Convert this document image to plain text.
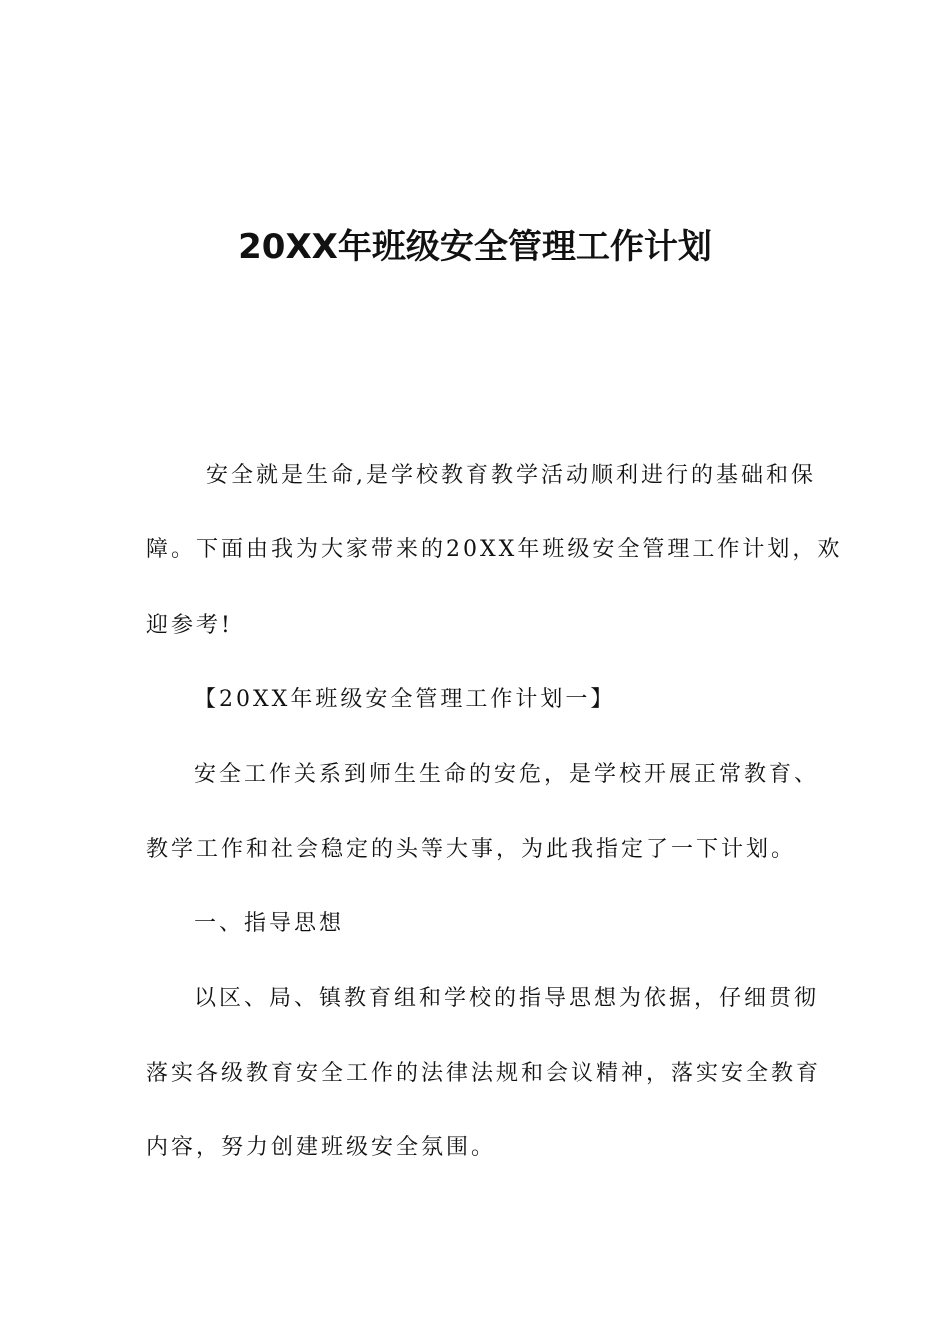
20XX年班级安全管理工作计划

安全就是生命,是学校教育教学活动顺利进行的基础和保

障。下面由我为大家带来的20XX年班级安全管理工作计划，欢

迎参考!

【20XX年班级安全管理工作计划一】

安全工作关系到师生生命的安危，是学校开展正常教育、

教学工作和社会稳定的头等大事，为此我指定了一下计划。

一、指导思想

以区、局、镇教育组和学校的指导思想为依据，仔细贯彻

落实各级教育安全工作的法律法规和会议精神，落实安全教育

内容，努力创建班级安全氛围。
